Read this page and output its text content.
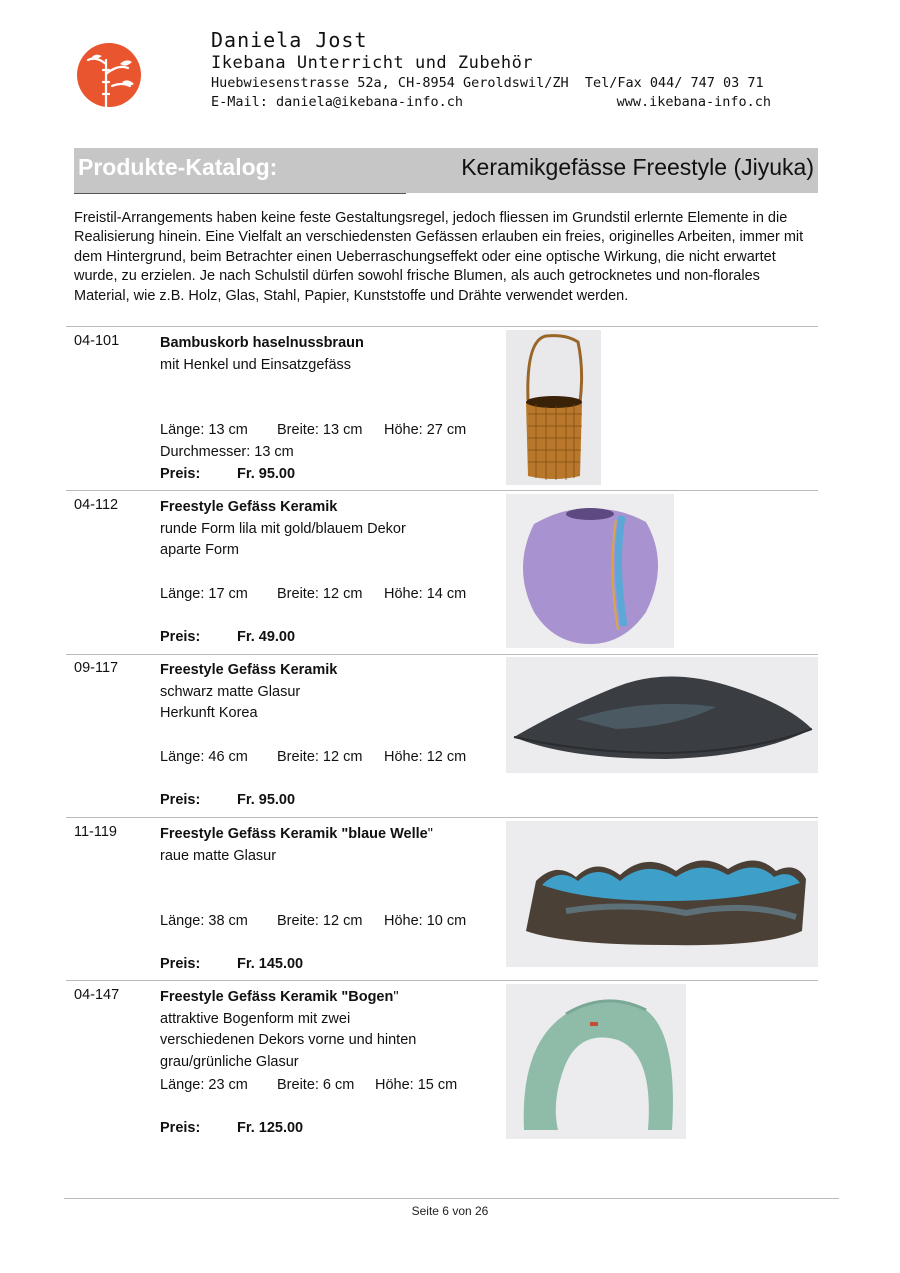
Daniela Jost
Ikebana Unterricht und Zubehör
Huebwiesenstrasse 52a, CH-8954 Geroldswil/ZH  Tel/Fax 044/ 747 03 71
E-Mail: daniela@ikebana-info.ch	www.ikebana-info.ch
Produkte-Katalog:	Keramikgefässe Freestyle (Jiyuka)
Freistil-Arrangements haben keine feste Gestaltungsregel, jedoch fliessen im Grundstil erlernte Elemente in die Realisierung hinein. Eine Vielfalt an verschiedensten Gefässen erlauben ein freies, originelles Arbeiten, immer mit dem Hintergrund, beim Betrachter einen Ueberraschungseffekt oder eine optische Wirkung, die nicht erwartet wurde, zu erzielen. Je nach Schulstil dürfen sowohl frische Blumen, als auch getrocknetes und non-florales Material, wie z.B. Holz, Glas, Stahl, Papier, Kunststoffe und Drähte verwendet werden.
04-101	Bambuskorb haselnussbraun
mit Henkel und Einsatzgefäss
Länge: 13 cm Breite: 13 cm Höhe: 27 cm
Durchmesser: 13 cm
Preis:	Fr. 95.00
04-112	Freestyle Gefäss Keramik
runde Form lila mit gold/blauem Dekor
aparte Form
Länge: 17 cm Breite: 12 cm Höhe: 14 cm
Preis:	Fr. 49.00
09-117	Freestyle Gefäss Keramik
schwarz matte Glasur
Herkunft Korea
Länge: 46 cm Breite: 12 cm Höhe: 12 cm
Preis:	Fr. 95.00
11-119	Freestyle Gefäss Keramik "blaue Welle"
raue matte Glasur
Länge: 38 cm Breite: 12 cm Höhe: 10 cm
Preis:	Fr. 145.00
04-147	Freestyle Gefäss Keramik "Bogen"
attraktive Bogenform mit zwei
verschiedenen Dekors vorne und hinten
grau/grünliche Glasur
Länge: 23 cm Breite: 6 cm Höhe: 15 cm
Preis:	Fr. 125.00
Seite 6 von 26
